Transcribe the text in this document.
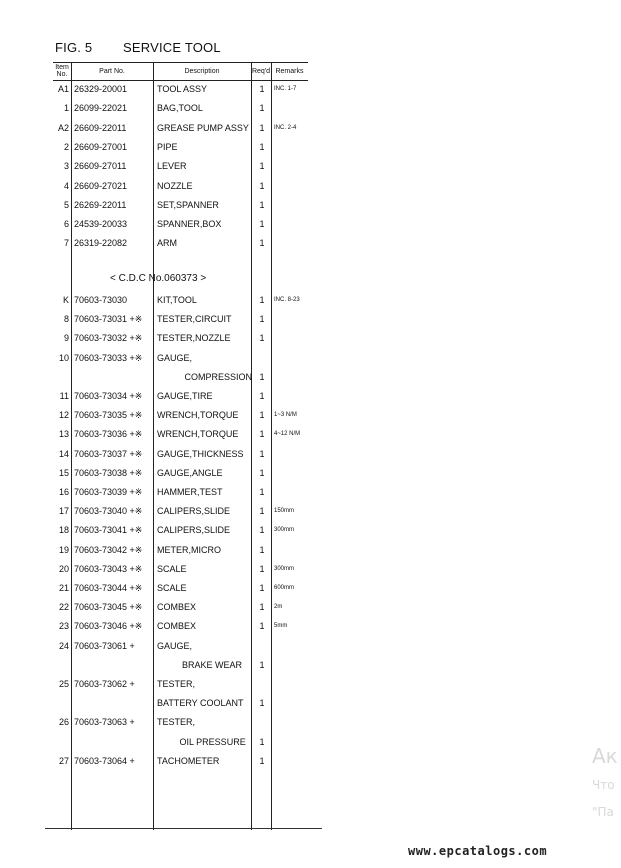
FIG. 5 SERVICE TOOL
Item No.	Part No.	Description	Req'd Remarks
A1 26329-20001	TOOL ASSY	1	INC. 1-7
1 26099-22021	BAG,TOOL	1
A2 26609-22011	GREASE PUMP ASSY	1	INC. 2-4
2 26609-27001	PIPE	1
3 26609-27011	LEVER	1
4 26609-27021	NOZZLE	1
5 26269-22011	SET,SPANNER	1
6 24539-20033	SPANNER,BOX	1
7 26319-22082	ARM	1
< C.D.C No.060373 >
K 70603-73030	KIT,TOOL	1	INC. 8-23
8 70603-73031 +※ TESTER,CIRCUIT	1
9 70603-73032 +※ TESTER,NOZZLE	1
10 70603-73033 +※ GAUGE,
COMPRESSION 1
11 70603-73034 +※ GAUGE,TIRE	1
12 70603-73035 +※ WRENCH,TORQUE	1	1~3 N/M
13 70603-73036 +※ WRENCH,TORQUE	1	4~12 N/M
14 70603-73037 +※ GAUGE,THICKNESS	1
15 70603-73038 +※ GAUGE,ANGLE	1
16 70603-73039 +※ HAMMER,TEST	1
17 70603-73040 +※ CALIPERS,SLIDE	1	150mm
18 70603-73041 +※ CALIPERS,SLIDE	1	300mm
19 70603-73042 +※ METER,MICRO	1
20 70603-73043 +※ SCALE	1	300mm
21 70603-73044 +※ SCALE	1	600mm
22 70603-73045 +※ COMBEX	1	2m
23 70603-73046 +※ COMBEX	1	5mm
24 70603-73061 + GAUGE,
BRAKE WEAR	1
25 70603-73062 + TESTER,
BATTERY COOLANT	1
26 70603-73063 + TESTER,
OIL PRESSURE	1
27 70603-73064 + TACHOMETER	1	Ак
Что
"Па
www.epcatalogs.com
